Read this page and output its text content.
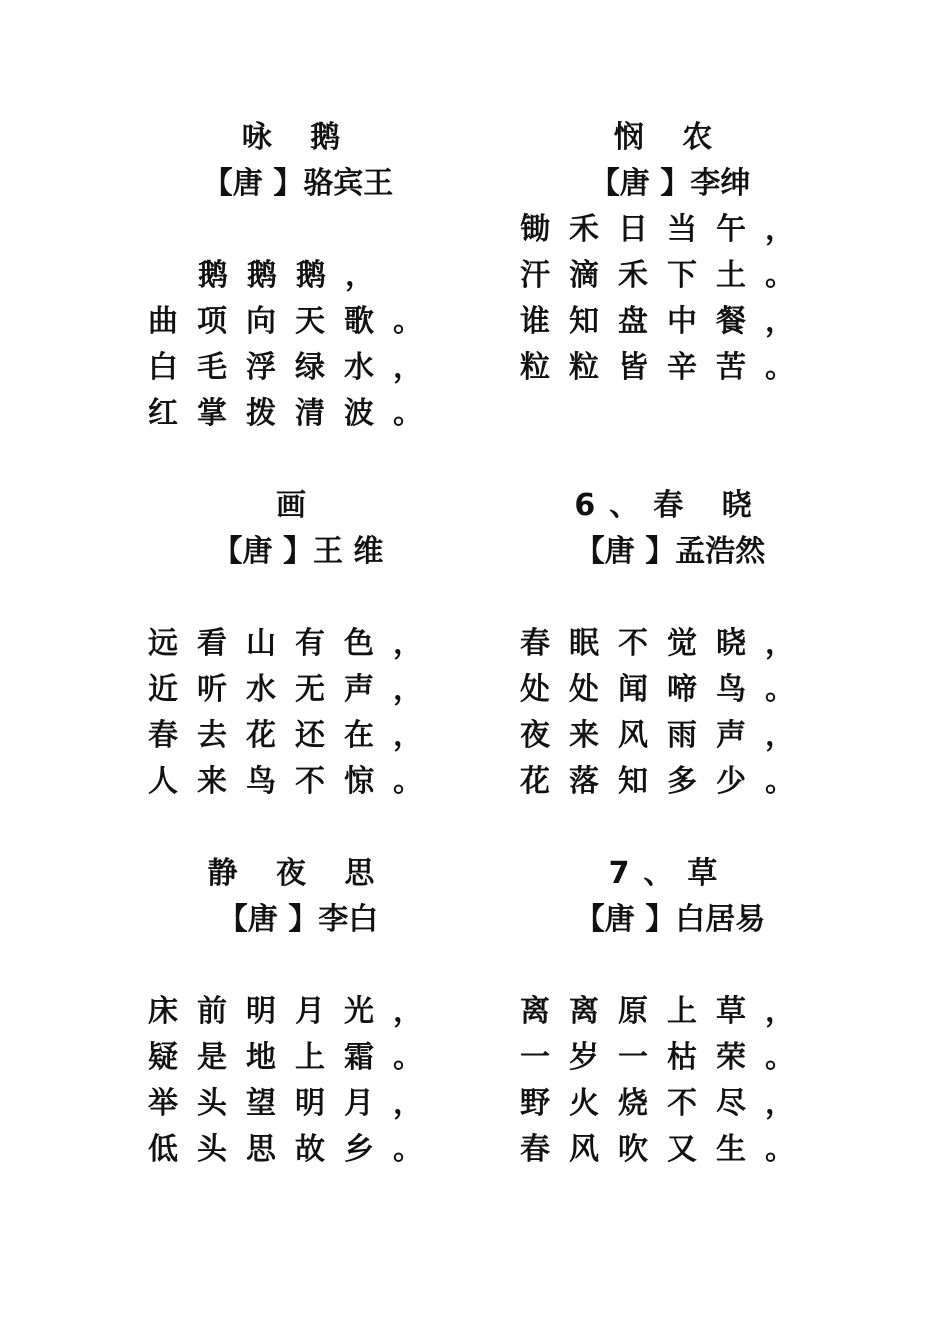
咏 鹅
【唐 】骆宾王
鹅鹅鹅，
曲项向天歌。
白毛浮绿水，
红掌拨清波。
悯 农
【唐 】李绅
锄禾日当午，
汗滴禾下土。
谁知盘中餐，
粒粒皆辛苦。
画
【唐 】王 维
远看山有色，
近听水无声，
春去花还在，
人来鸟不惊。
6、春 晓
【唐 】孟浩然
春眠不觉晓，
处处闻啼鸟。
夜来风雨声，
花落知多少。
静 夜 思
【唐 】李白
床前明月光，
疑是地上霜。
举头望明月，
低头思故乡。
7、草
【唐 】白居易
离离原上草，
一岁一枯荣。
野火烧不尽，
春风吹又生。
